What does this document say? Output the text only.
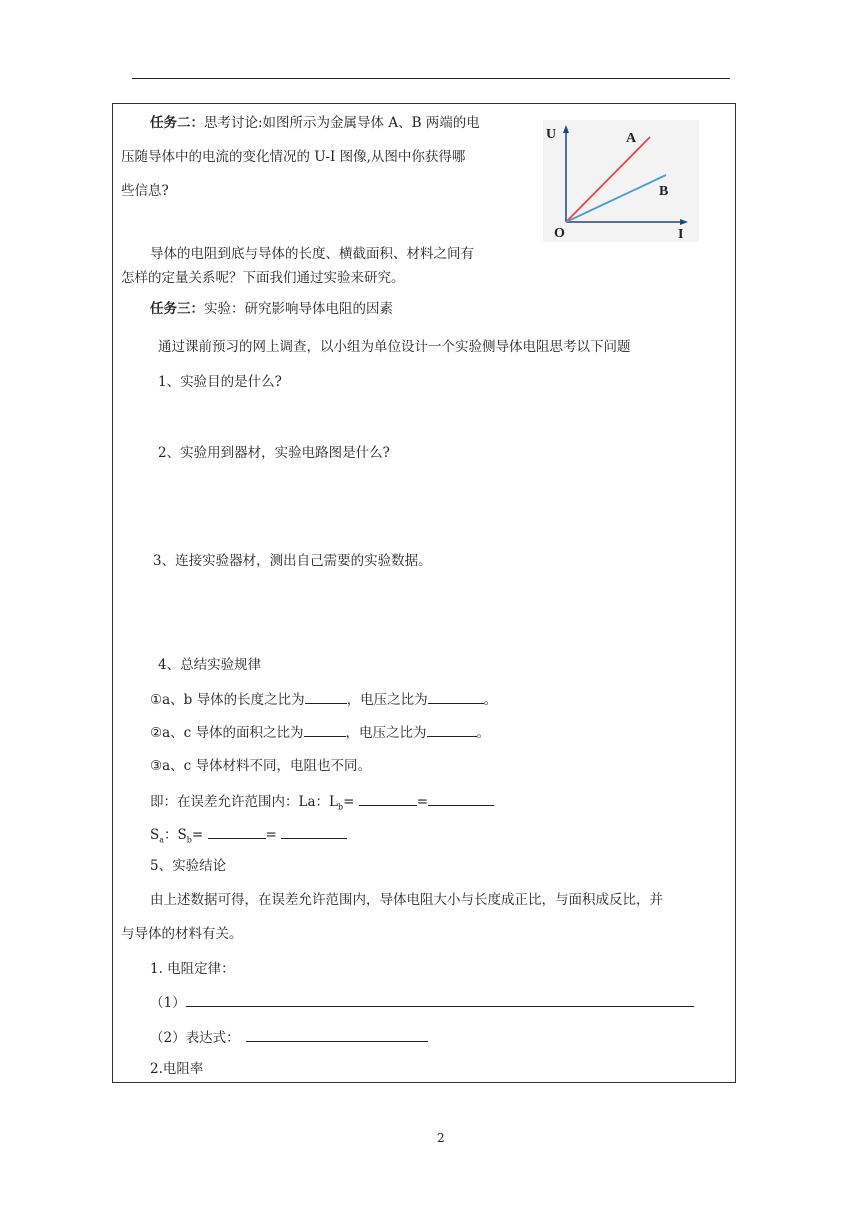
任务二：思考讨论:如图所示为金属导体 A、B 两端的电
压随导体中的电流的变化情况的 U-I 图像,从图中你获得哪
些信息?
U	A
B
O	I
导体的电阻到底与导体的长度、横截面积、材料之间有
怎样的定量关系呢？下面我们通过实验来研究。
任务三：实验：研究影响导体电阻的因素
通过课前预习的网上调查，以小组为单位设计一个实验侧导体电阻思考以下问题
1、实验目的是什么?
2、实验用到器材，实验电路图是什么?
3、连接实验器材，测出自己需要的实验数据。
4、总结实验规律
①a、b 导体的长度之比为	，电压之比为	。
②a、c 导体的面积之比为	，电压之比为	。
③a、c 导体材料不同，电阻也不同。
即：在误差允许范围内：La：$L_b=$	=
$S_a$：$S_b=$	=
5、实验结论
由上述数据可得，在误差允许范围内，导体电阻大小与长度成正比，与面积成反比，并
与导体的材料有关。
1. 电阻定律：
（1）
（2）表达式：
2.电阻率
2
